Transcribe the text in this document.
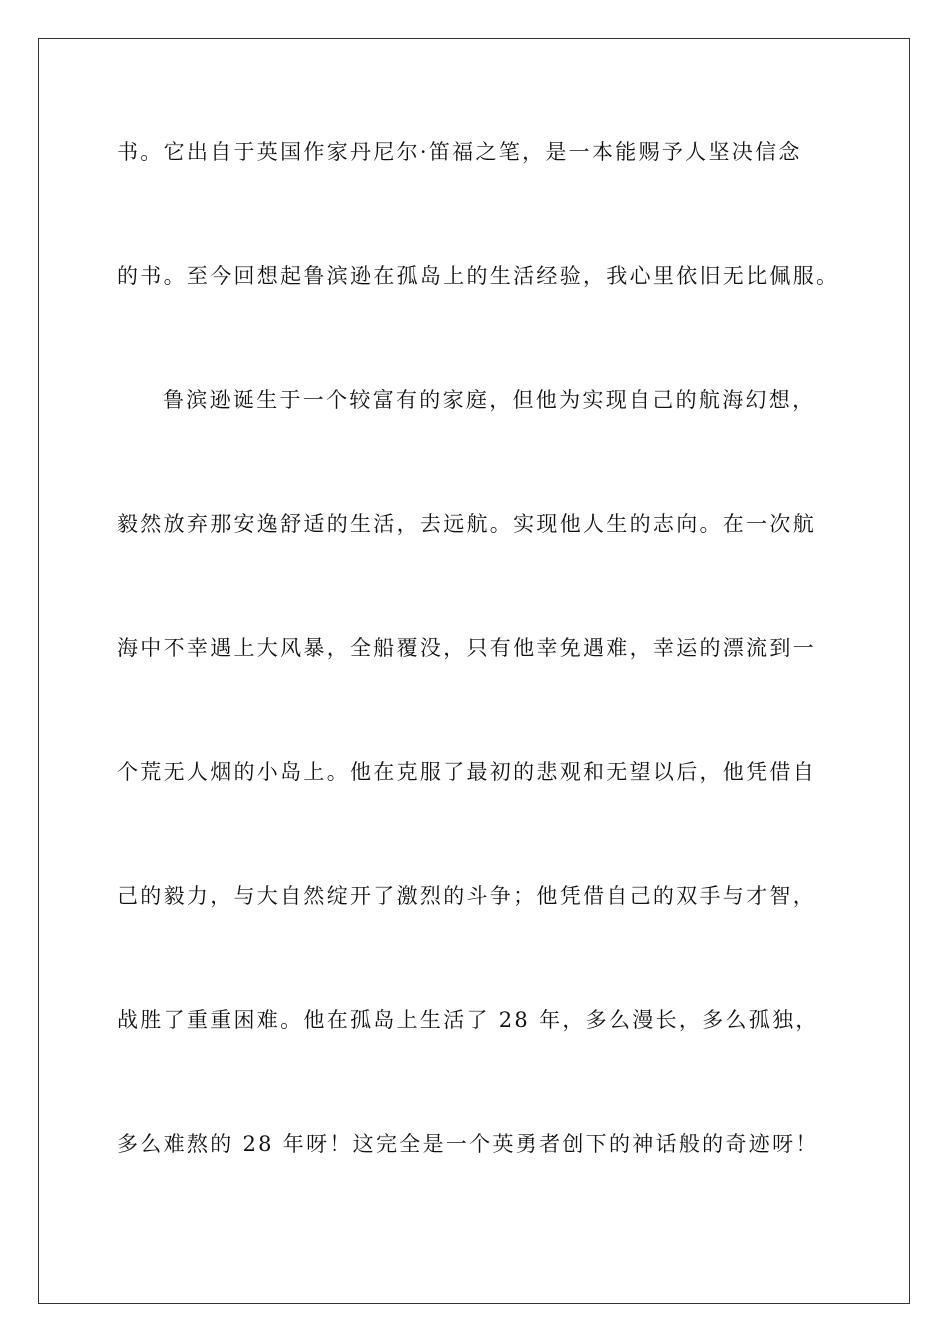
书。它出自于英国作家丹尼尔·笛福之笔，是一本能赐予人坚决信念
的书。至今回想起鲁滨逊在孤岛上的生活经验，我心里依旧无比佩服。
鲁滨逊诞生于一个较富有的家庭，但他为实现自己的航海幻想，
毅然放弃那安逸舒适的生活，去远航。实现他人生的志向。在一次航
海中不幸遇上大风暴，全船覆没，只有他幸免遇难，幸运的漂流到一
个荒无人烟的小岛上。他在克服了最初的悲观和无望以后，他凭借自
己的毅力，与大自然绽开了激烈的斗争；他凭借自己的双手与才智，
战胜了重重困难。他在孤岛上生活了 28 年，多么漫长，多么孤独，
多么难熬的 28 年呀！这完全是一个英勇者创下的神话般的奇迹呀！
